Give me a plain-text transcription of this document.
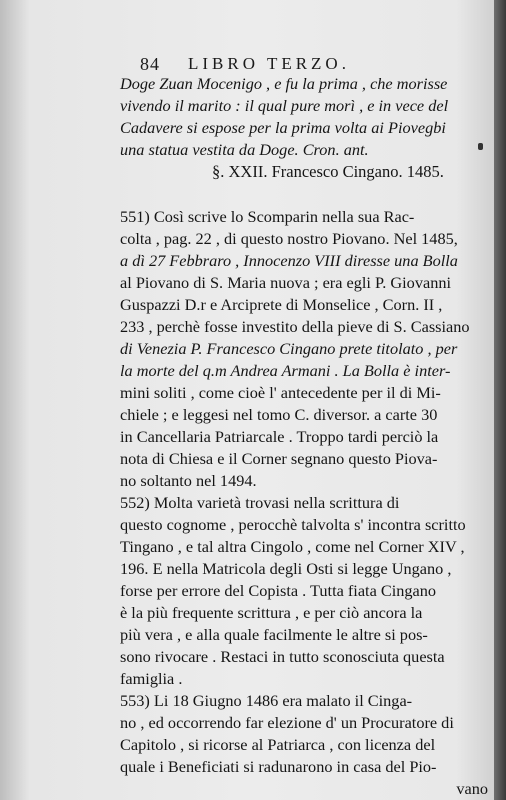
84 LIBRO TERZO.
Doge Zuan Mocenigo , e fu la prima , che morisse
vivendo il marito : il qual pure morì , e in vece del
Cadavere si espose per la prima volta ai Piovegbi
una statua vestita da Doge. Cron. ant.
§. XXII. Francesco Cingano. 1485.
551) Così scrive lo Scomparin nella sua Rac-
colta , pag. 22 , di questo nostro Piovano. Nel 1485,
a dì 27 Febbraro , Innocenzo VIII diresse una Bolla
al Piovano di S. Maria nuova ; era egli P. Giovanni
Guspazzi D.r e Arciprete di Monselice , Corn. II ,
233 , perchè fosse investito della pieve di S. Cassiano
di Venezia P. Francesco Cingano prete titolato , per
la morte del q.m Andrea Armani . La Bolla è inter-
mini soliti , come cioè l' antecedente per il di Mi-
chiele ; e leggesi nel tomo C. diversor. a carte 30
in Cancellaria Patriarcale . Troppo tardi perciò la
nota di Chiesa e il Corner segnano questo Piova-
no soltanto nel 1494.
552) Molta varietà trovasi nella scrittura di
questo cognome , perocchè talvolta s' incontra scritto
Tingano , e tal altra Cingolo , come nel Corner XIV ,
196. E nella Matricola degli Osti si legge Ungano ,
forse per errore del Copista . Tutta fiata Cingano
è la più frequente scrittura , e per ciò ancora la
più vera , e alla quale facilmente le altre si pos-
sono rivocare . Restaci in tutto sconosciuta questa
famiglia .
553) Li 18 Giugno 1486 era malato il Cinga-
no , ed occorrendo far elezione d' un Procuratore di
Capitolo , si ricorse al Patriarca , con licenza del
quale i Beneficiati si radunarono in casa del Pio-
vano
